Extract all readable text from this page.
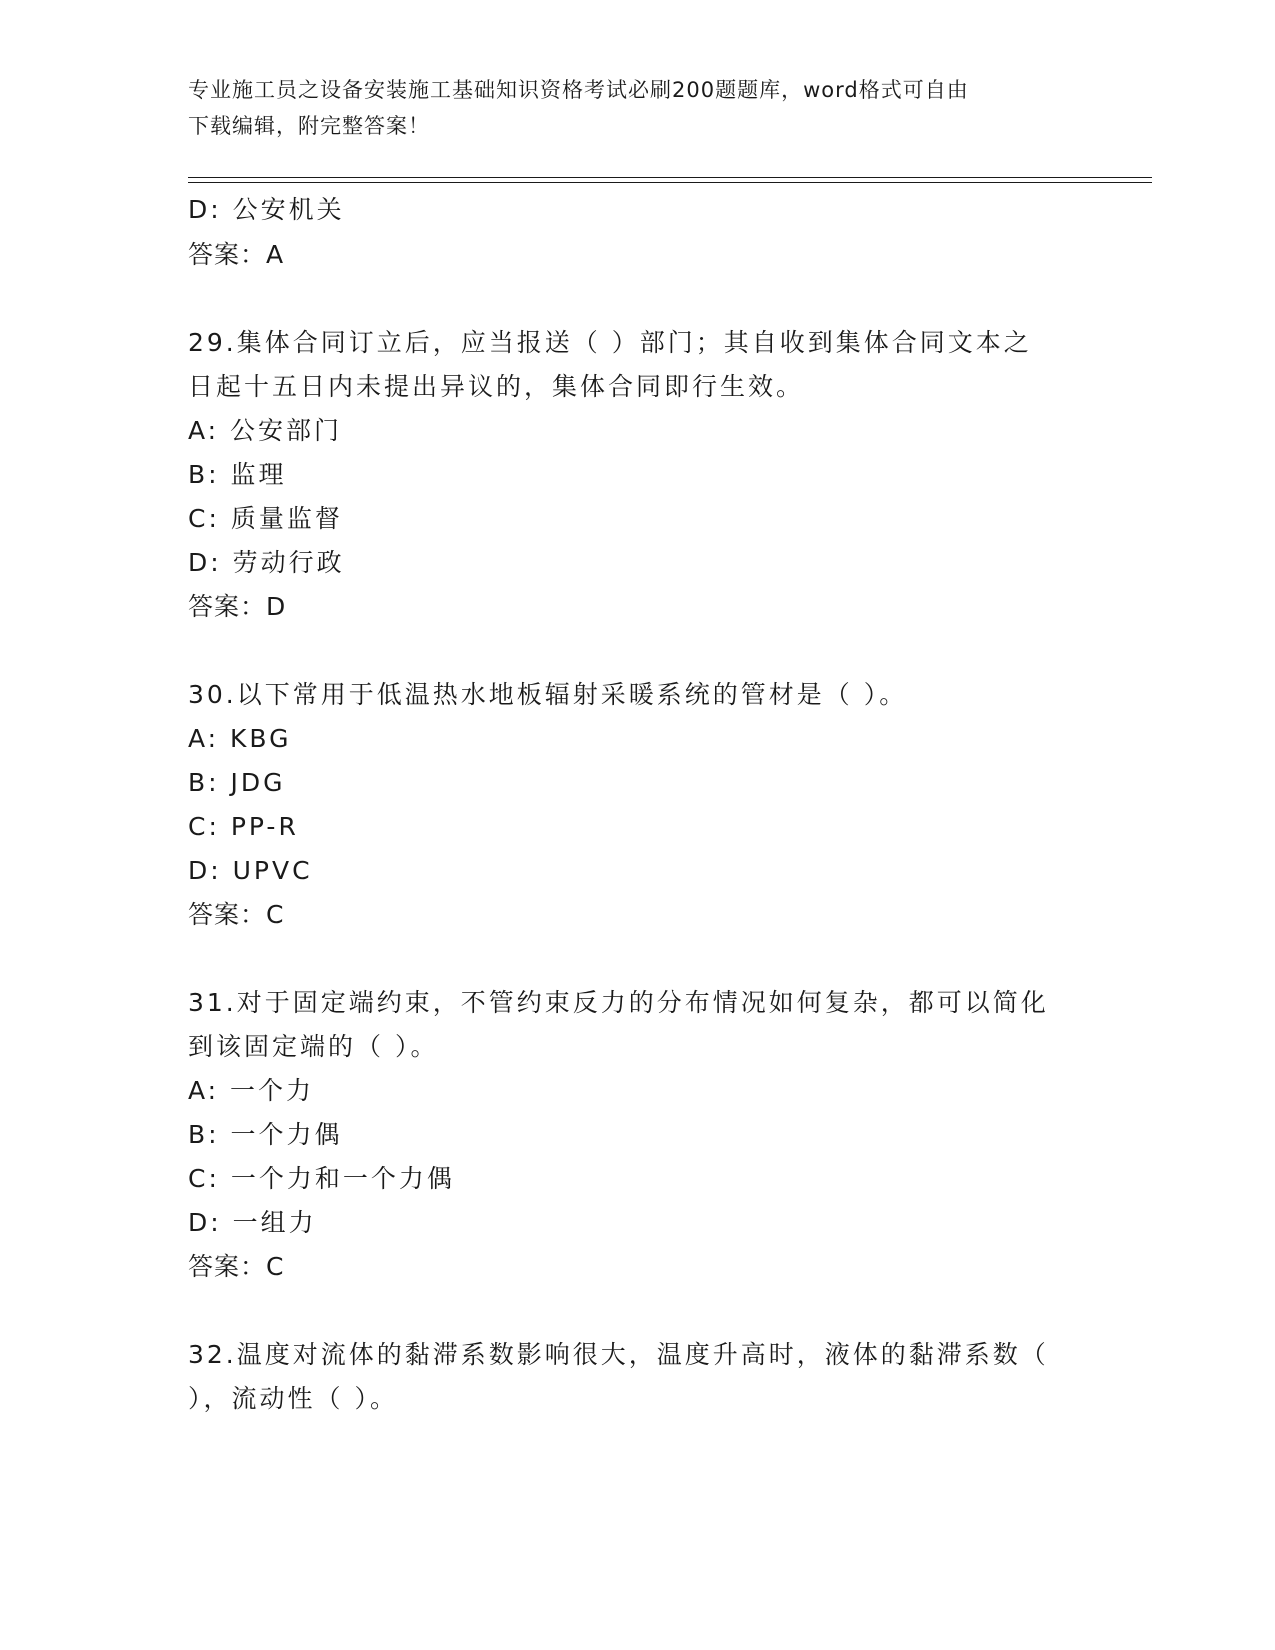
专业施工员之设备安装施工基础知识资格考试必刷200题题库，word格式可自由
下载编辑，附完整答案！
D: 公安机关
答案：A
29.集体合同订立后，应当报送（ ）部门；其自收到集体合同文本之
日起十五日内未提出异议的，集体合同即行生效。
A: 公安部门
B: 监理
C: 质量监督
D: 劳动行政
答案：D
30.以下常用于低温热水地板辐射采暖系统的管材是（ ）。
A: KBG
B: JDG
C: PP-R
D: UPVC
答案：C
31.对于固定端约束，不管约束反力的分布情况如何复杂，都可以简化
到该固定端的（ ）。
A: 一个力
B: 一个力偶
C: 一个力和一个力偶
D: 一组力
答案：C
32.温度对流体的黏滞系数影响很大，温度升高时，液体的黏滞系数（
），流动性（ ）。
